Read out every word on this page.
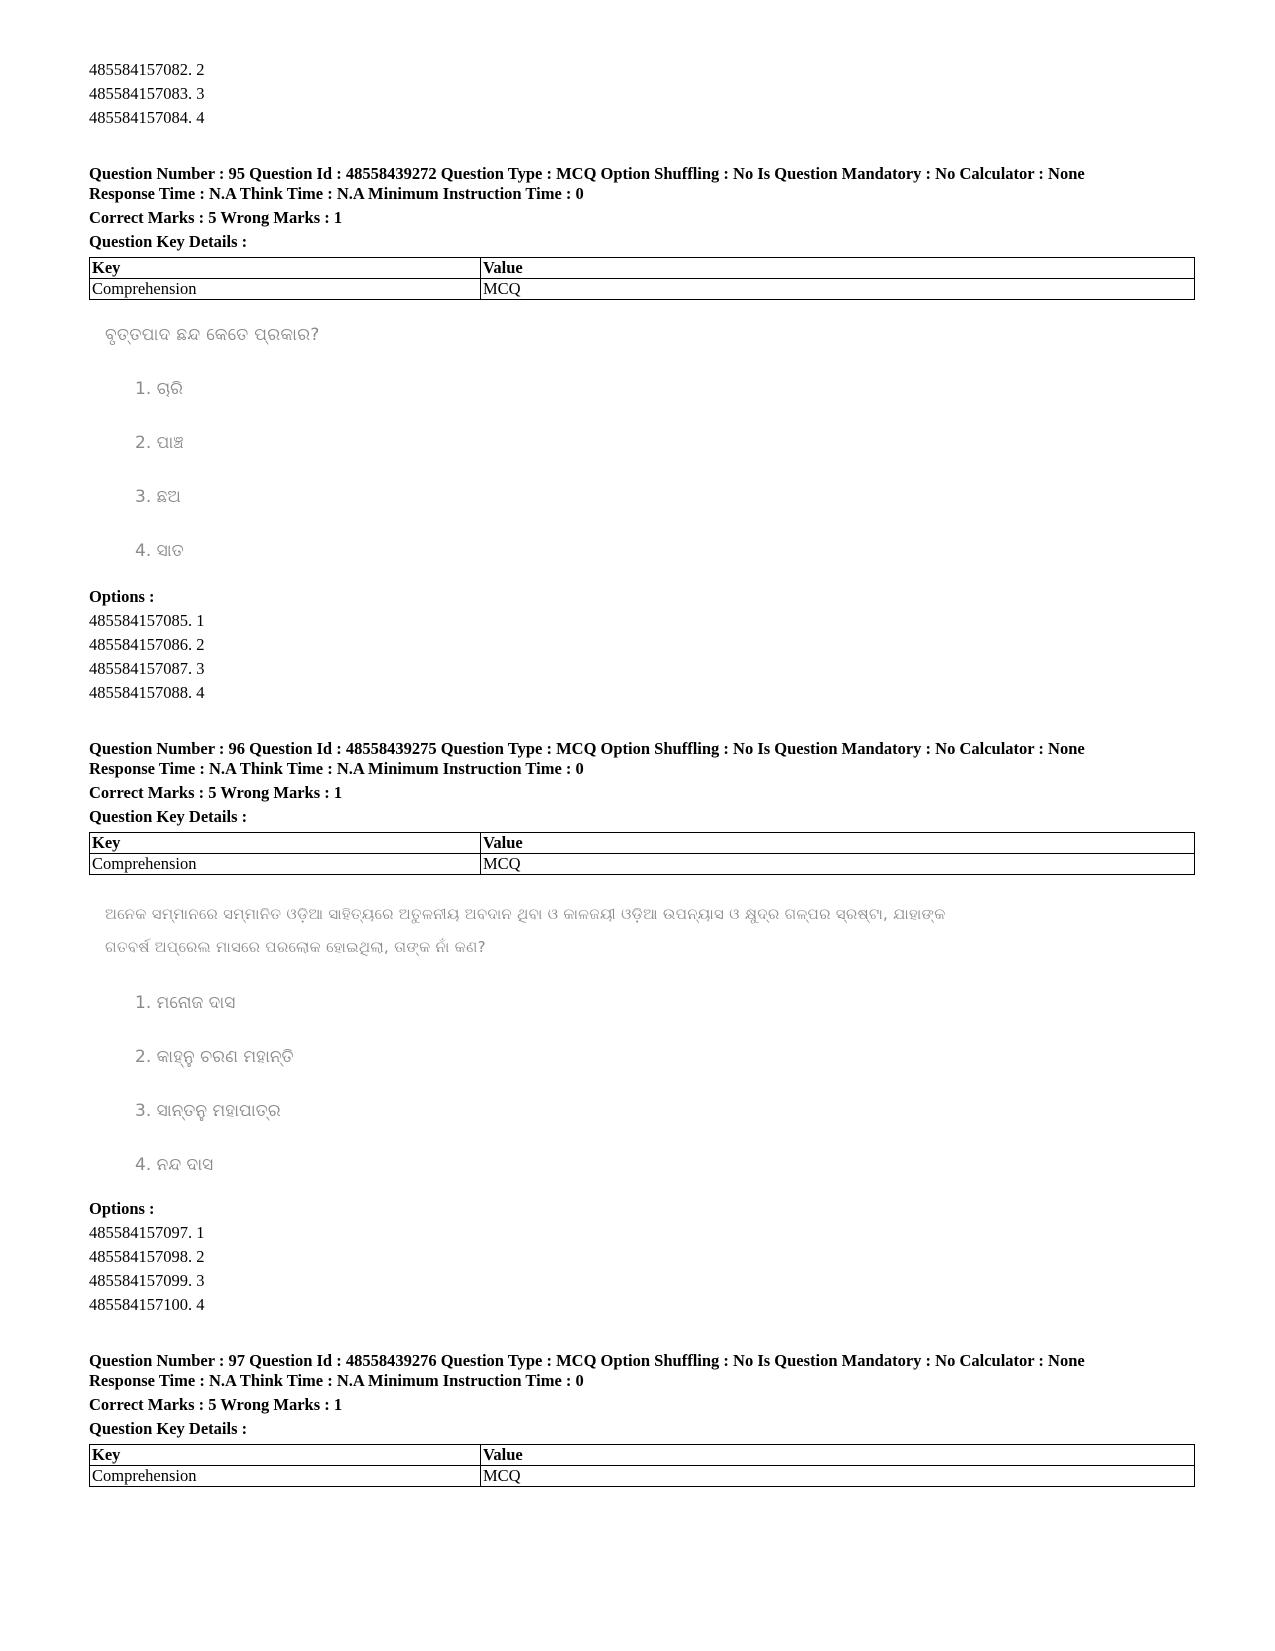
485584157082. 2
485584157083. 3
485584157084. 4
Question Number : 95 Question Id : 48558439272 Question Type : MCQ Option Shuffling : No Is Question Mandatory : No Calculator : None
Response Time : N.A Think Time : N.A Minimum Instruction Time : 0
Correct Marks : 5 Wrong Marks : 1
Question Key Details :
Key	Value
Comprehension	MCQ
ବୃତ୍ତପାଦ ଛନ୍ଦ କେତେ ପ୍ରକାର?
1. ଚାରି
2. ପାଞ୍ଚ
3. ଛଅ
4. ସାତ
Options :
485584157085. 1
485584157086. 2
485584157087. 3
485584157088. 4
Question Number : 96 Question Id : 48558439275 Question Type : MCQ Option Shuffling : No Is Question Mandatory : No Calculator : None
Response Time : N.A Think Time : N.A Minimum Instruction Time : 0
Correct Marks : 5 Wrong Marks : 1
Question Key Details :
Key	Value
Comprehension	MCQ
ଅନେକ ସମ୍ମାନରେ ସମ୍ମାନିତ ଓଡ଼ିଆ ସାହିତ୍ୟରେ ଅତୁଳନୀୟ ଅବଦାନ ଥିବା ଓ କାଳଜୟୀ ଓଡ଼ିଆ ଉପନ୍ୟାସ ଓ କ୍ଷୁଦ୍ର ଗଳ୍ପର ସ୍ରଷ୍ଟା, ଯାହାଙ୍କ
ଗତବର୍ଷ ଅପ୍ରେଲ ମାସରେ ପରଲୋକ ହୋଇଥିଲା, ତାଙ୍କ ନାଁ କଣ?
1. ମନୋଜ ଦାସ
2. କାହ୍ନୁ ଚରଣ ମହାନ୍ତି
3. ସାନ୍ତନୁ ମହାପାତ୍ର
4. ନନ୍ଦ ଦାସ
Options :
485584157097. 1
485584157098. 2
485584157099. 3
485584157100. 4
Question Number : 97 Question Id : 48558439276 Question Type : MCQ Option Shuffling : No Is Question Mandatory : No Calculator : None
Response Time : N.A Think Time : N.A Minimum Instruction Time : 0
Correct Marks : 5 Wrong Marks : 1
Question Key Details :
Key	Value
Comprehension	MCQ
